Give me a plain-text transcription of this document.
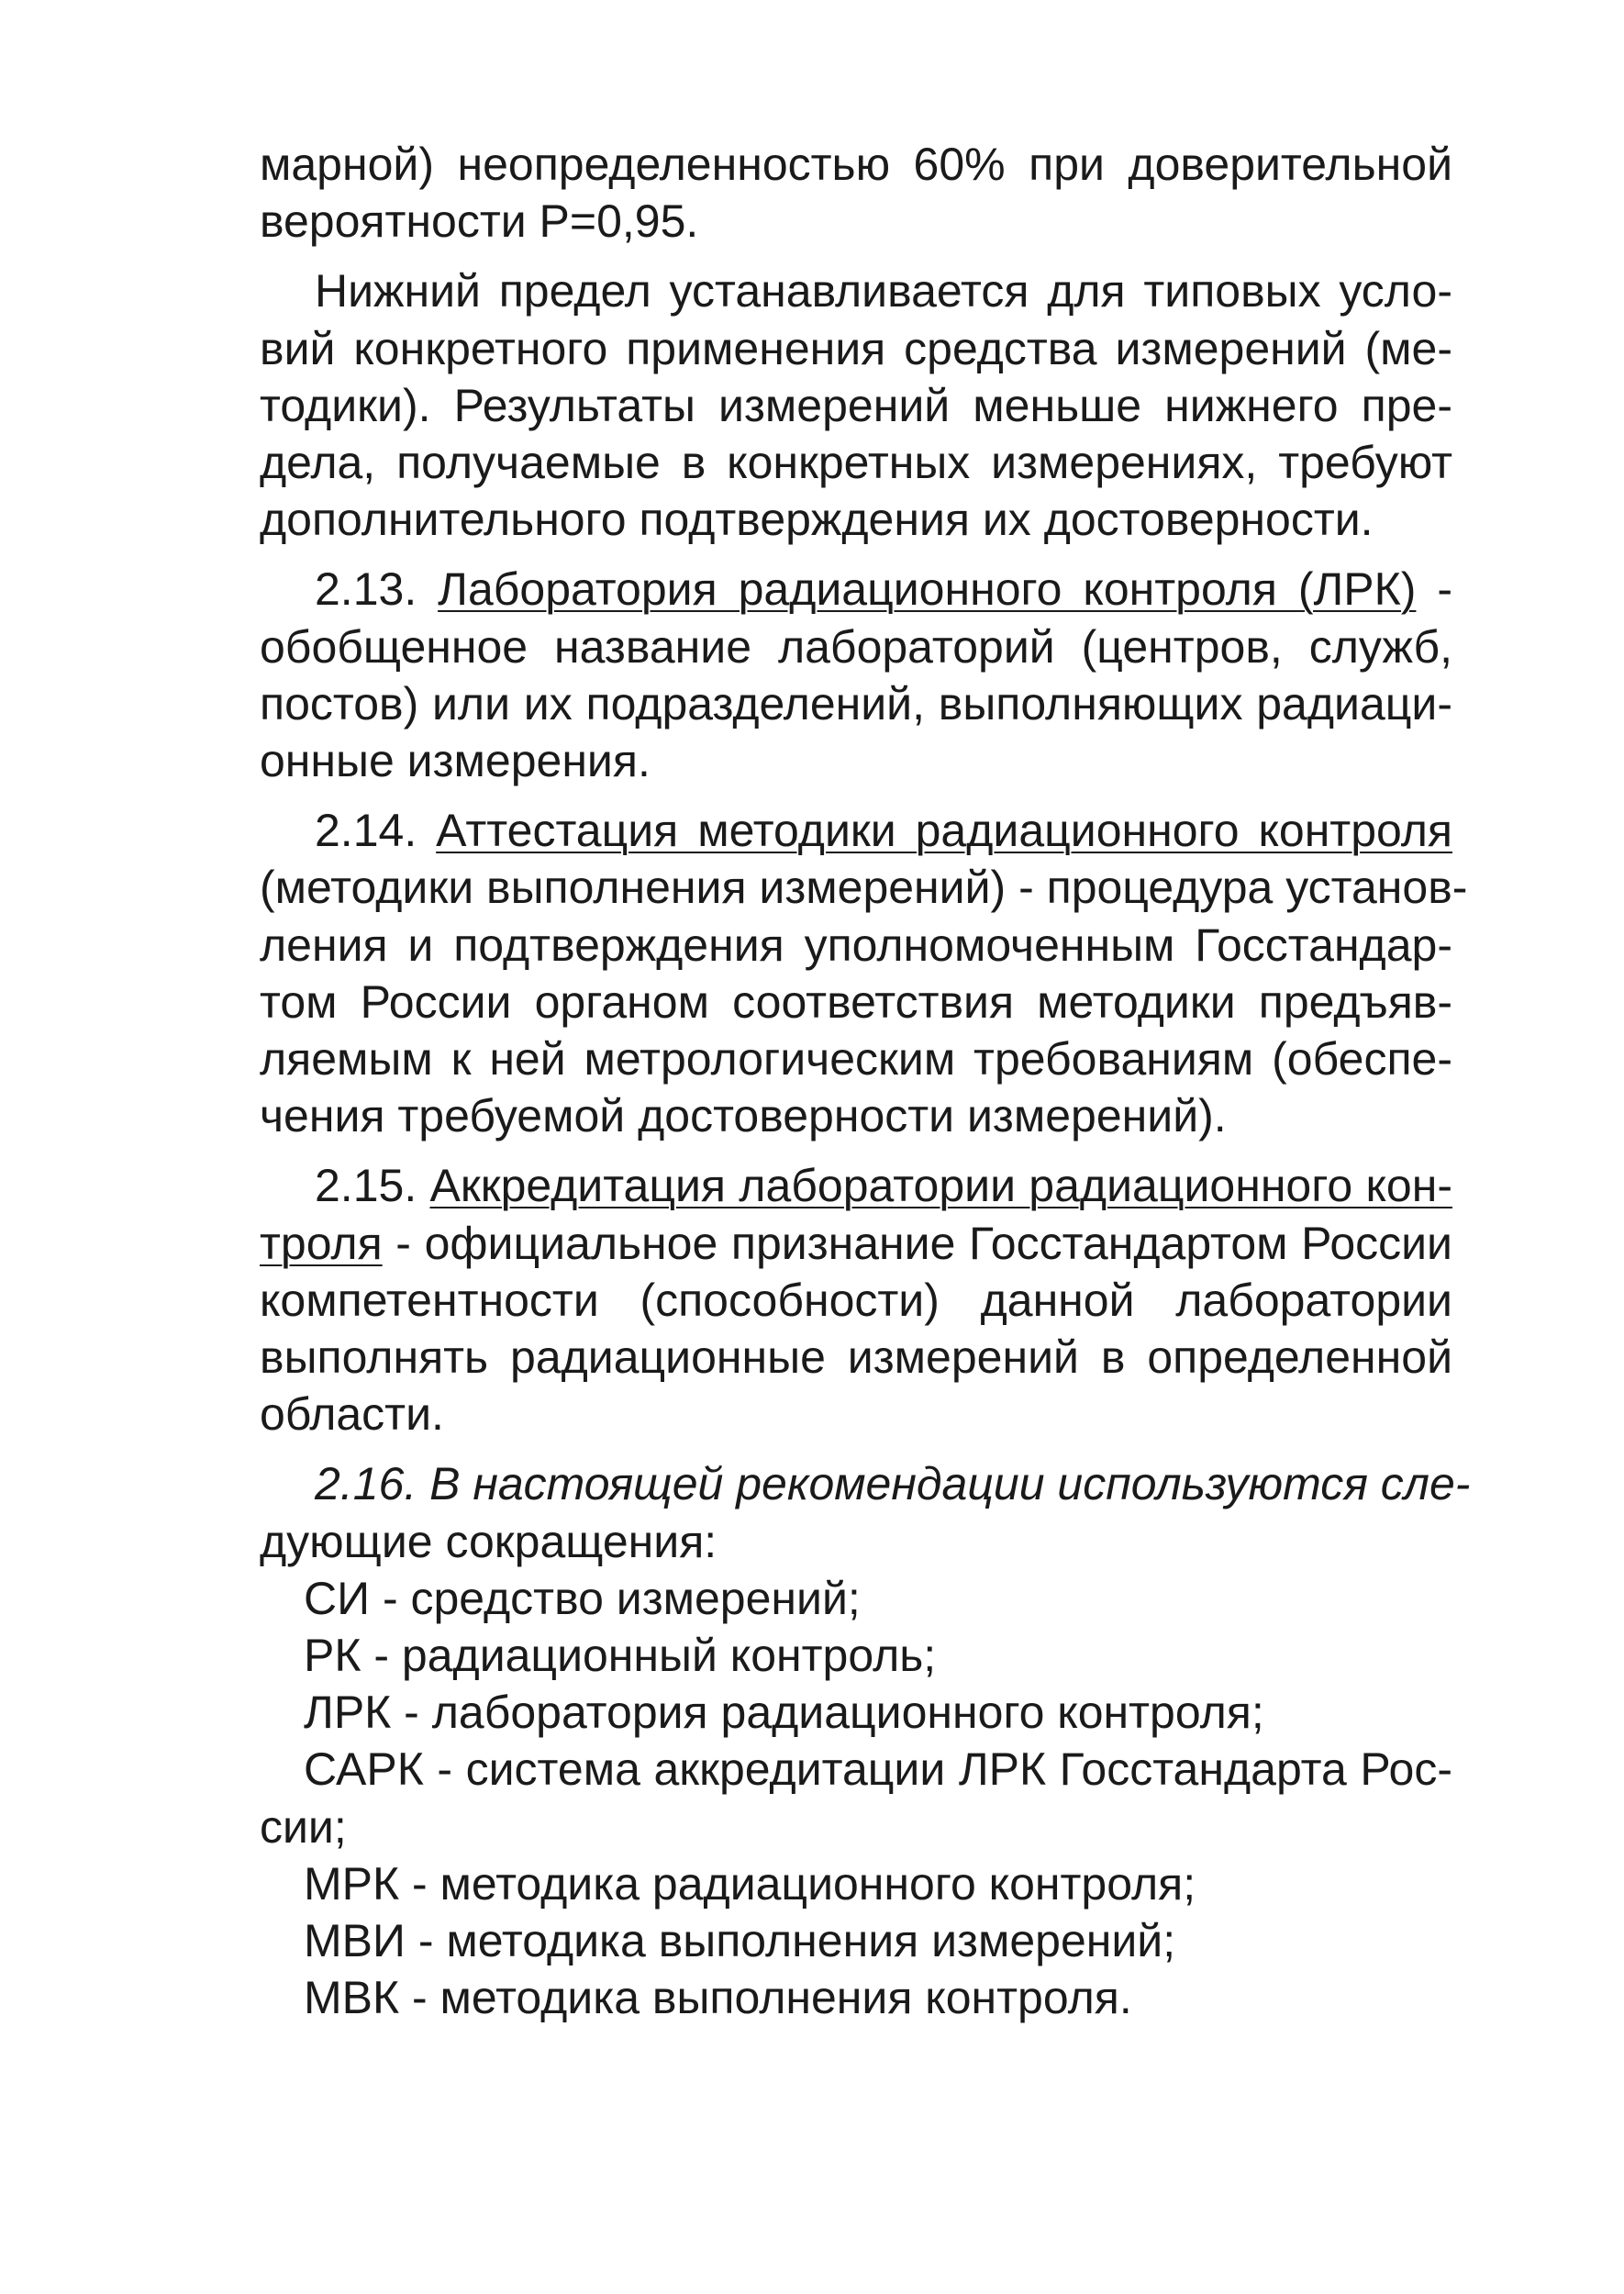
марной) неопределенностью 60% при доверительной
вероятности Р=0,95.
Нижний предел устанавливается для типовых усло-
вий конкретного применения средства измерений (ме-
тодики). Результаты измерений меньше нижнего пре-
дела, получаемые в конкретных измерениях, требуют
дополнительного подтверждения их достоверности.
2.13. Лаборатория радиационного контроля (ЛРК) -
обобщенное название лабораторий (центров, служб,
постов) или их подразделений, выполняющих радиаци-
онные измерения.
2.14. Аттестация методики радиационного контроля
(методики выполнения измерений) - процедура установ-
ления и подтверждения уполномоченным Госстандар-
том России органом соответствия методики предъяв-
ляемым к ней метрологическим требованиям (обеспе-
чения требуемой достоверности измерений).
2.15. Аккредитация лаборатории радиационного кон-
троля - официальное признание Госстандартом России
компетентности (способности) данной лаборатории
выполнять радиационные измерений в определенной
области.
2.16. В настоящей рекомендации используются сле-
дующие сокращения:
СИ - средство измерений;
РК - радиационный контроль;
ЛРК - лаборатория радиационного контроля;
САРК - система аккредитации ЛРК Госстандарта Рос-
сии;
МРК - методика радиационного контроля;
МВИ - методика выполнения измерений;
МВК - методика выполнения контроля.
